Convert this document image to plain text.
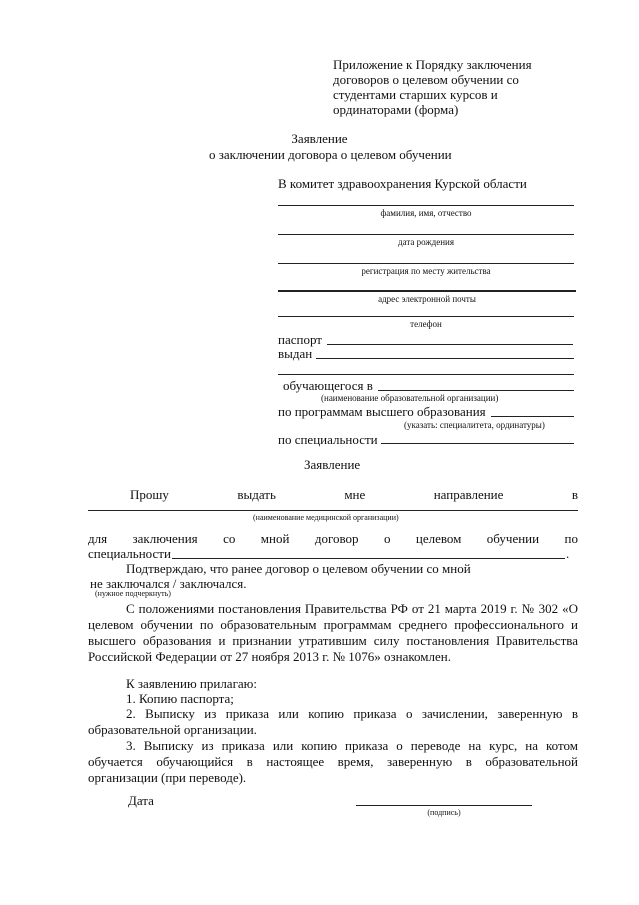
Приложение к Порядку заключения
договоров о целевом обучении со
студентами старших курсов и
ординаторами (форма)
Заявление
о заключении договора о целевом обучении
В комитет здравоохранения Курской области
фамилия, имя, отчество
дата рождения
регистрация по месту жительства
адрес электронной почты
телефон
паспорт
выдан
обучающегося в
(наименование образовательной организации)
по программам высшего образования
(указать: специалитета, ординатуры)
по специальности
Заявление
Прошу	выдать	мне	направление	в
(наименование медицинской организации)
для заключения со мной договор о целевом обучении по
специальности	.
Подтверждаю, что ранее договор о целевом обучении со мной
не заключался / заключался.
(нужное подчеркнуть)
С положениями постановления Правительства РФ от 21 марта 2019 г. № 302 «О целевом обучении по образовательным программам среднего профессионального и высшего образования и признании утратившим силу постановления Правительства Российской Федерации от 27 ноября 2013 г. № 1076» ознакомлен.
К заявлению прилагаю:
1. Копию паспорта;
2. Выписку из приказа или копию приказа о зачислении, заверенную в образовательной организации.
3. Выписку из приказа или копию приказа о переводе на курс, на котом обучается обучающийся в настоящее время, заверенную в образовательной организации (при переводе).
Дата
(подпись)
